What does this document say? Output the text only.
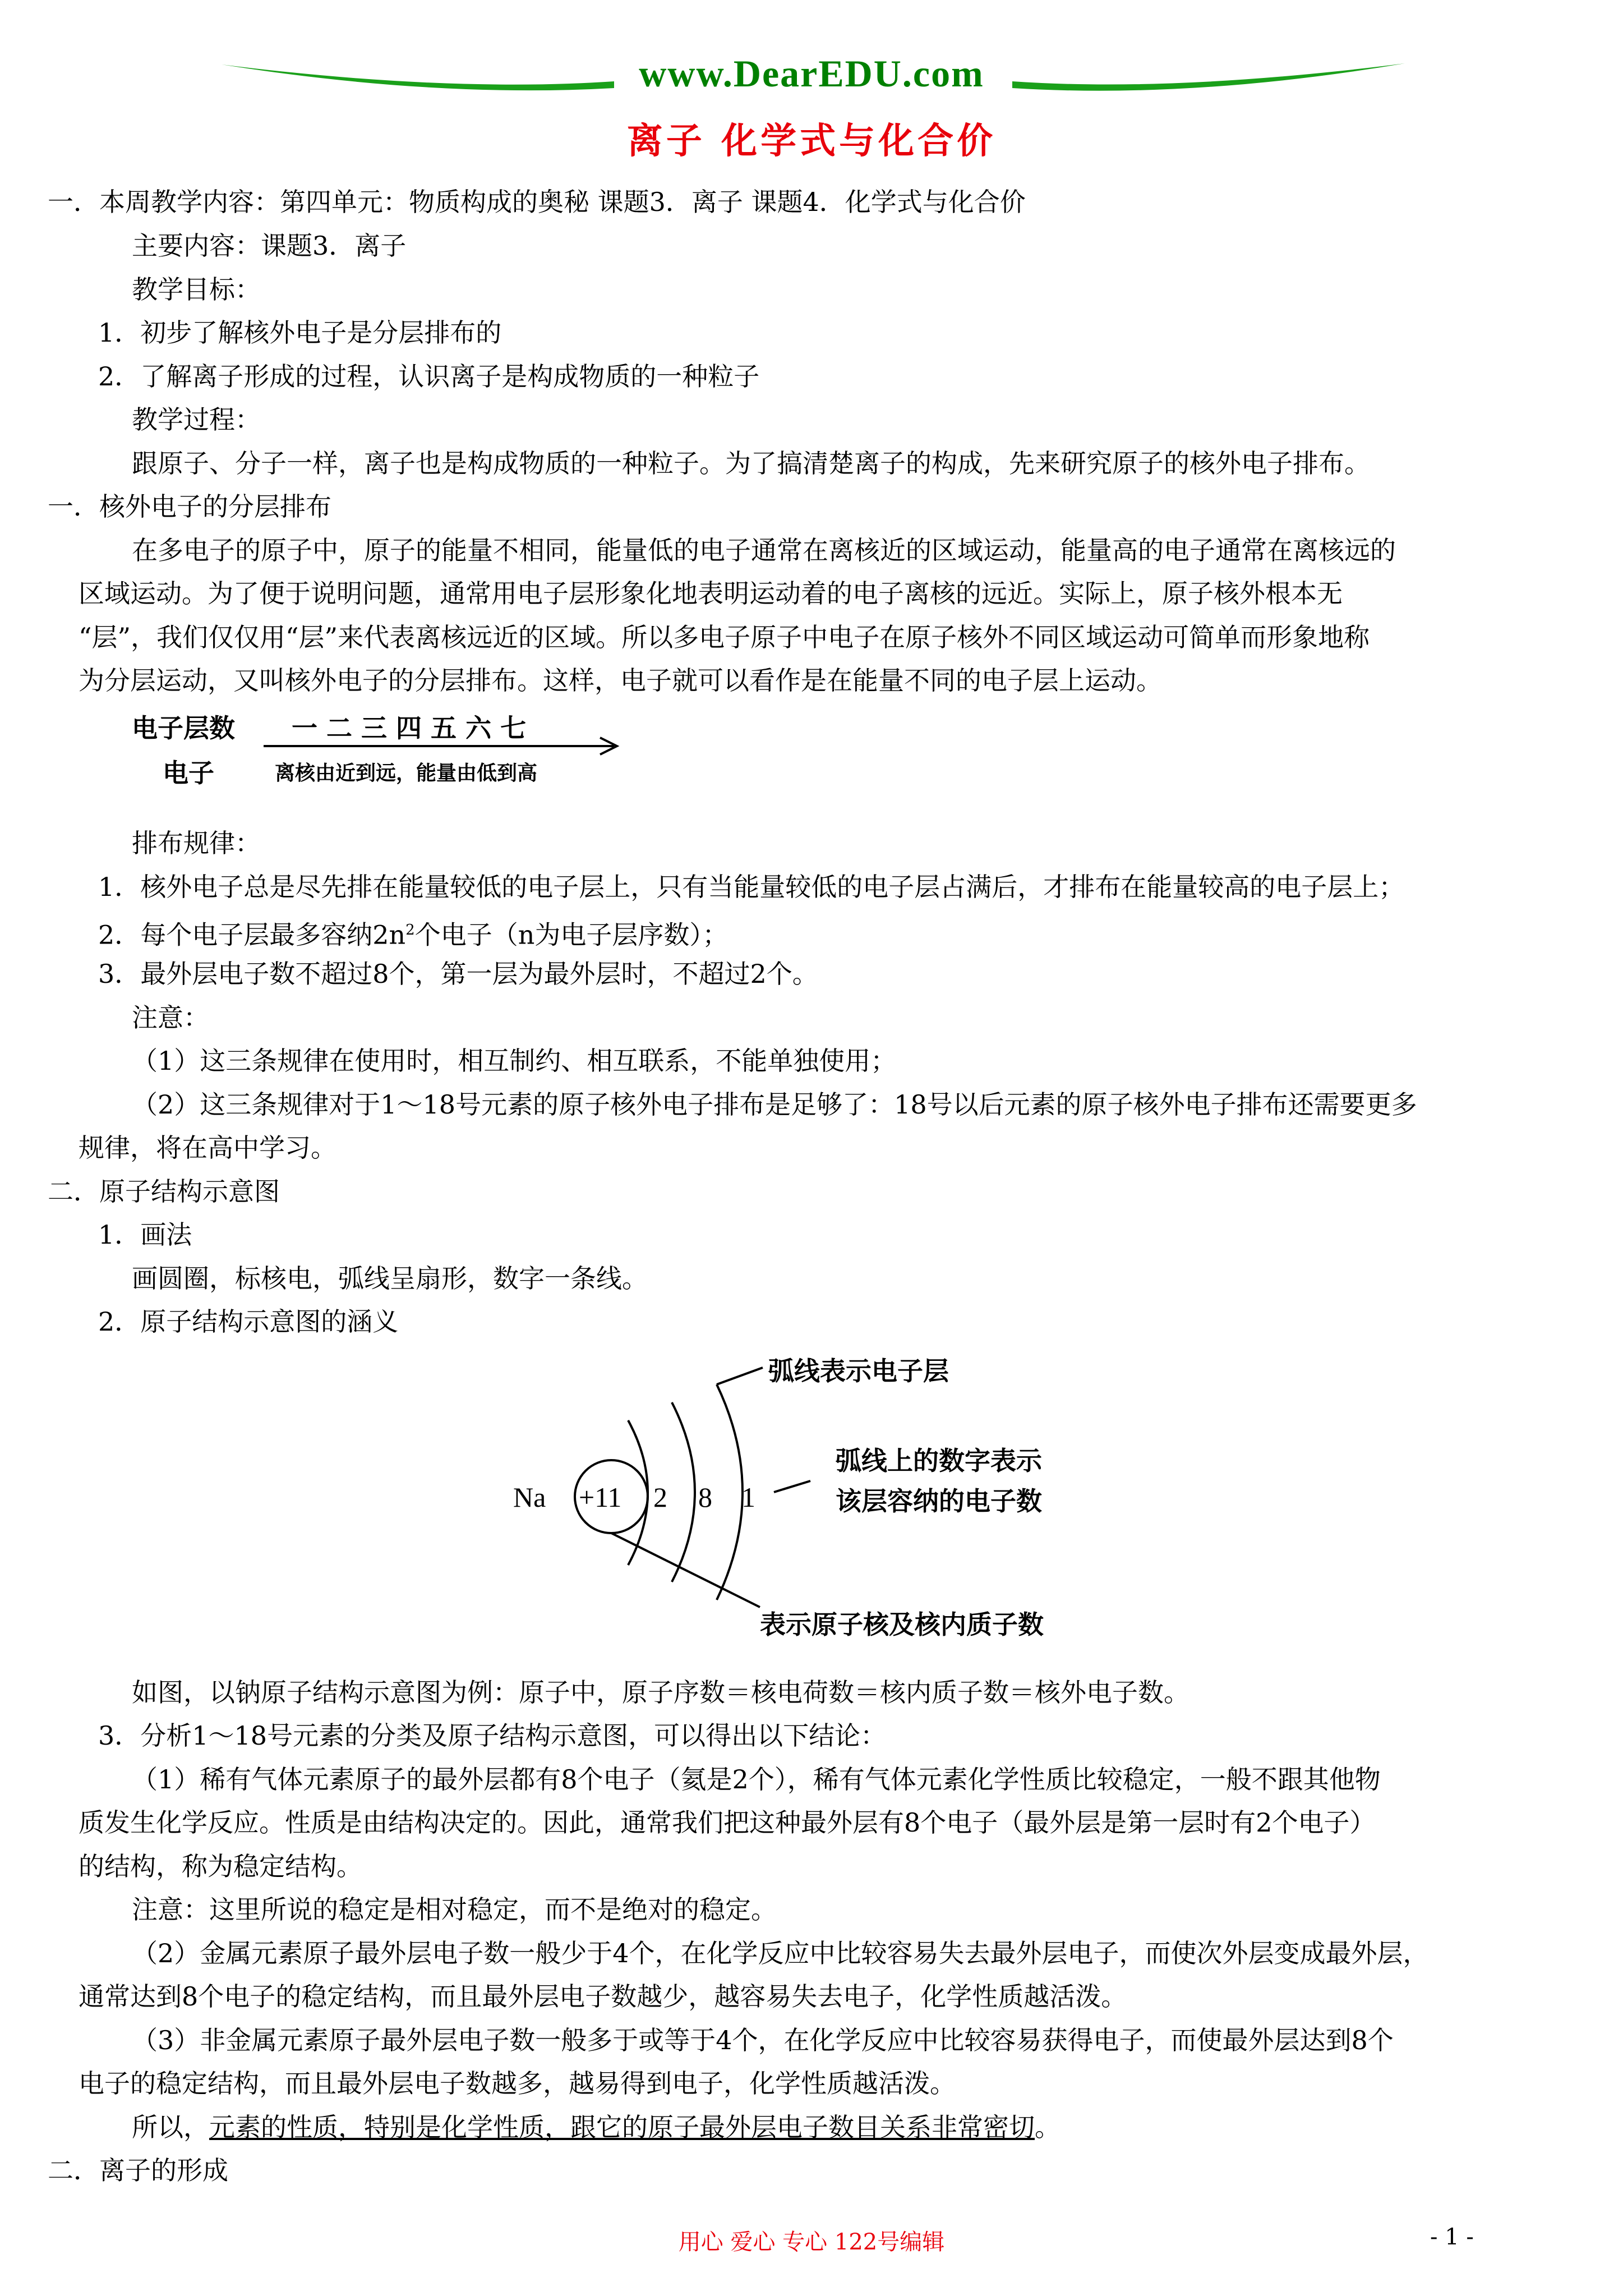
www.DearEDU.com
离子 化学式与化合价
一．本周教学内容：第四单元：物质构成的奥秘 课题3．离子 课题4．化学式与化合价
主要内容：课题3．离子
教学目标：
1．初步了解核外电子是分层排布的
2．了解离子形成的过程，认识离子是构成物质的一种粒子
教学过程：
跟原子、分子一样，离子也是构成物质的一种粒子。为了搞清楚离子的构成，先来研究原子的核外电子排布。
一．核外电子的分层排布
在多电子的原子中，原子的能量不相同，能量低的电子通常在离核近的区域运动，能量高的电子通常在离核远的
区域运动。为了便于说明问题，通常用电子层形象化地表明运动着的电子离核的远近。实际上，原子核外根本无
“层”，我们仅仅用“层”来代表离核远近的区域。所以多电子原子中电子在原子核外不同区域运动可简单而形象地称
为分层运动，又叫核外电子的分层排布。这样，电子就可以看作是在能量不同的电子层上运动。
排布规律：
1．核外电子总是尽先排在能量较低的电子层上，只有当能量较低的电子层占满后，才排布在能量较高的电子层上；
3．最外层电子数不超过8个，第一层为最外层时，不超过2个。
注意：
（1）这三条规律在使用时，相互制约、相互联系，不能单独使用；
（2）这三条规律对于1～18号元素的原子核外电子排布是足够了：18号以后元素的原子核外电子排布还需要更多
规律，将在高中学习。
二．原子结构示意图
1．画法
画圆圈，标核电，弧线呈扇形，数字一条线。
2．原子结构示意图的涵义
如图，以钠原子结构示意图为例：原子中，原子序数＝核电荷数＝核内质子数＝核外电子数。
3．分析1～18号元素的分类及原子结构示意图，可以得出以下结论：
（1）稀有气体元素原子的最外层都有8个电子（氦是2个），稀有气体元素化学性质比较稳定，一般不跟其他物
质发生化学反应。性质是由结构决定的。因此，通常我们把这种最外层有8个电子（最外层是第一层时有2个电子）
的结构，称为稳定结构。
注意：这里所说的稳定是相对稳定，而不是绝对的稳定。
（2）金属元素原子最外层电子数一般少于4个，在化学反应中比较容易失去最外层电子，而使次外层变成最外层，
通常达到8个电子的稳定结构，而且最外层电子数越少，越容易失去电子，化学性质越活泼。
（3）非金属元素原子最外层电子数一般多于或等于4个，在化学反应中比较容易获得电子，而使最外层达到8个
电子的稳定结构，而且最外层电子数越多，越易得到电子，化学性质越活泼。
二．离子的形成
2．每个电子层最多容纳$2n^2$个电子（n为电子层序数）；
所以，元素的性质，特别是化学性质，跟它的原子最外层电子数目关系非常密切。
电子层数 一 二 三 四 五 六 七
电子	离核由近到远，能量由低到高
Na +11 2 8 1
弧线表示电子层
弧线上的数字表示
该层容纳的电子数
表示原子核及核内质子数
用心 爱心 专心 122号编辑	- 1 -
